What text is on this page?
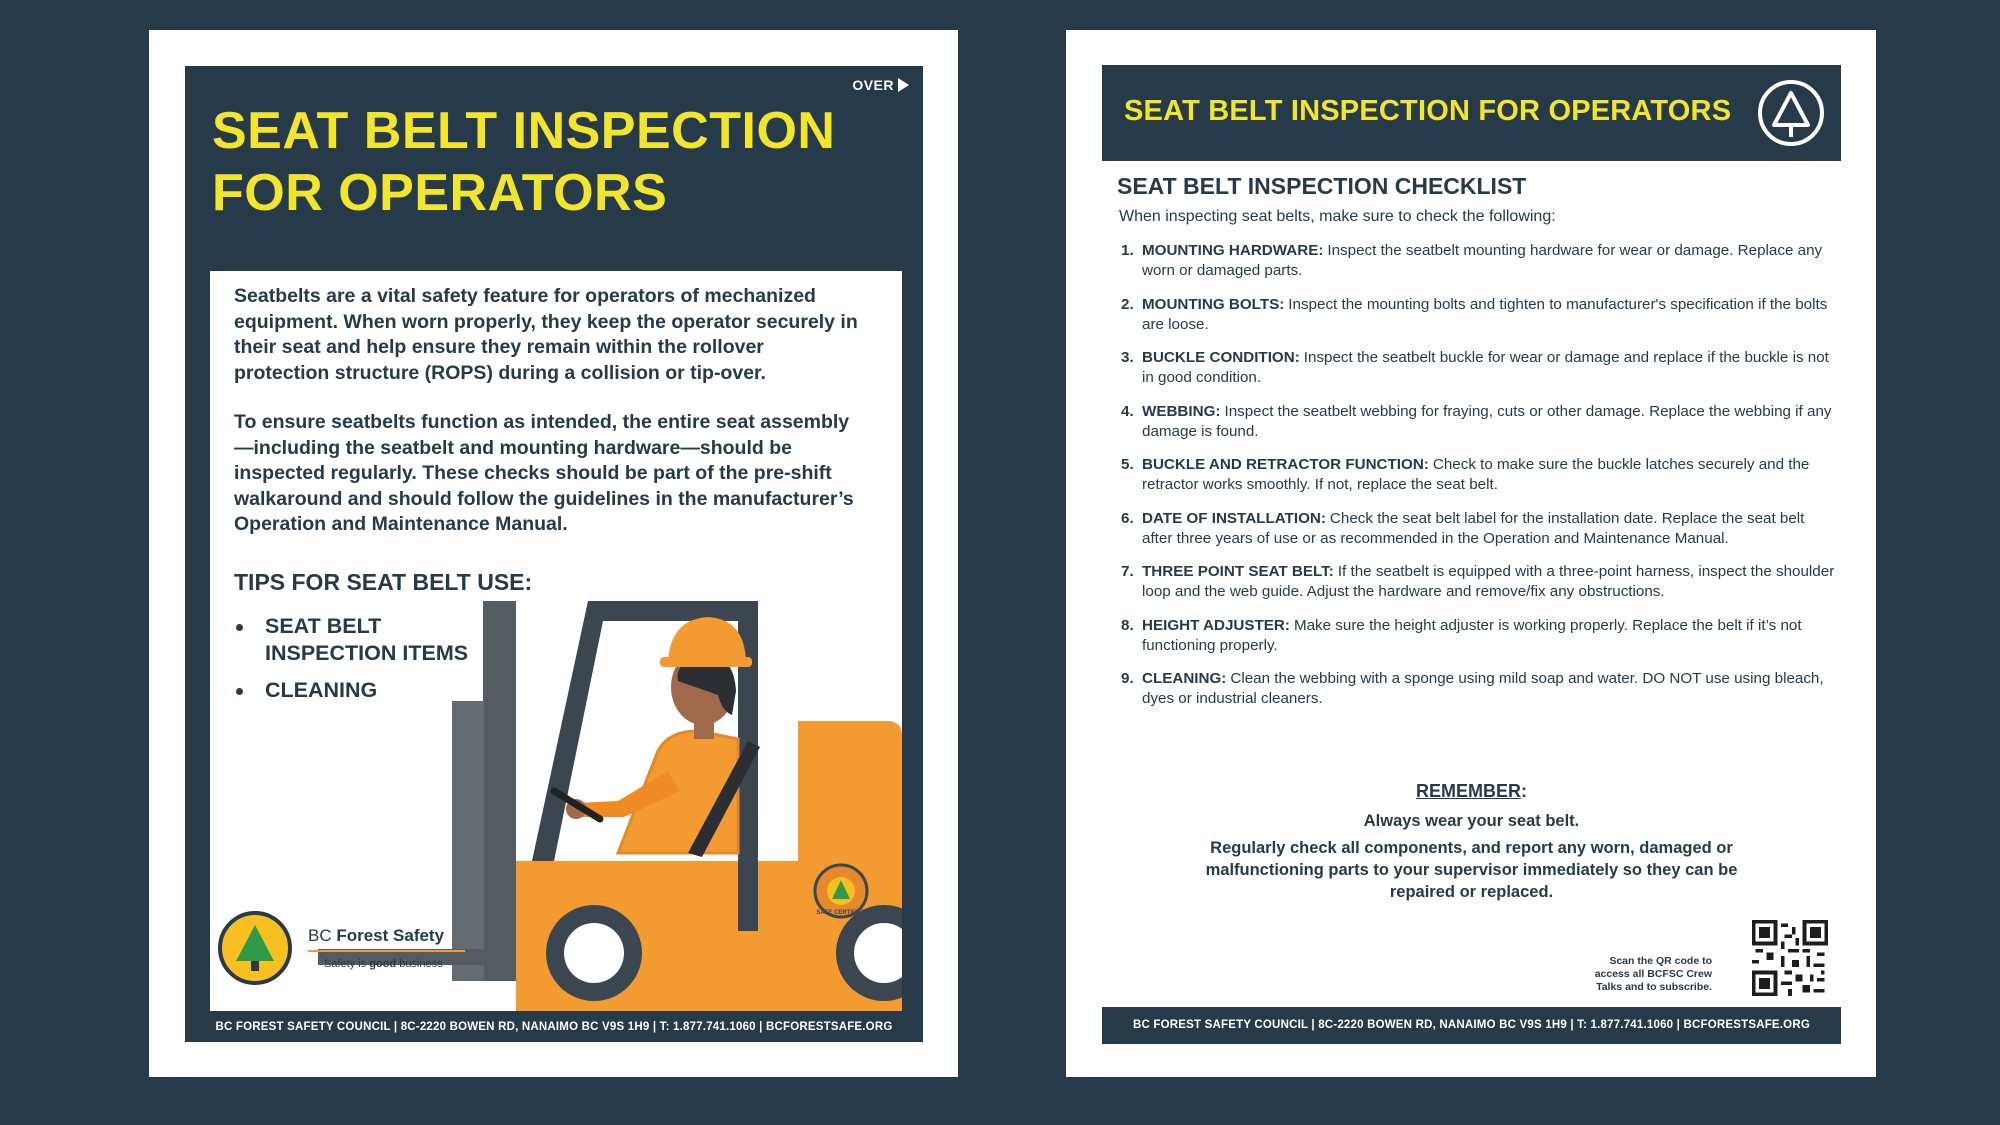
OVER
SEAT BELT INSPECTION
FOR OPERATORS

Seatbelts are a vital safety feature for operators of mechanized equipment. When worn properly, they keep the operator securely in their seat and help ensure they remain within the rollover protection structure (ROPS) during a collision or tip-over.

To ensure seatbelts function as intended, the entire seat assembly—including the seatbelt and mounting hardware—should be inspected regularly. These checks should be part of the pre-shift walkaround and should follow the guidelines in the manufacturer’s Operation and Maintenance Manual.

TIPS FOR SEAT BELT USE:
SEAT BELT INSPECTION ITEMS
CLEANING
SAFE CERTIFIED
BC Forest Safety
Safety is good business
BC FOREST SAFETY COUNCIL | 8C-2220 BOWEN RD, NANAIMO BC V9S 1H9 | T: 1.877.741.1060 | BCFORESTSAFE.ORG
SEAT BELT INSPECTION FOR OPERATORS
SEAT BELT INSPECTION CHECKLIST

When inspecting seat belts, make sure to check the following:

1. MOUNTING HARDWARE: Inspect the seatbelt mounting hardware for wear or damage. Replace any worn or damaged parts.
2. MOUNTING BOLTS: Inspect the mounting bolts and tighten to manufacturer's specification if the bolts are loose.
3. BUCKLE CONDITION: Inspect the seatbelt buckle for wear or damage and replace if the buckle is not in good condition.
4. WEBBING: Inspect the seatbelt webbing for fraying, cuts or other damage. Replace the webbing if any damage is found.
5. BUCKLE AND RETRACTOR FUNCTION: Check to make sure the buckle latches securely and the retractor works smoothly. If not, replace the seat belt.
6. DATE OF INSTALLATION: Check the seat belt label for the installation date. Replace the seat belt after three years of use or as recommended in the Operation and Maintenance Manual.
7. THREE POINT SEAT BELT: If the seatbelt is equipped with a three-point harness, inspect the shoulder loop and the web guide. Adjust the hardware and remove/fix any obstructions.
8. HEIGHT ADJUSTER: Make sure the height adjuster is working properly. Replace the belt if it’s not functioning properly.
9. CLEANING: Clean the webbing with a sponge using mild soap and water. DO NOT use using bleach, dyes or industrial cleaners.
REMEMBER:
Always wear your seat belt.
Regularly check all components, and report any worn, damaged or malfunctioning parts to your supervisor immediately so they can be repaired or replaced.
Scan the QR code to access all BCFSC Crew Talks and to subscribe.
BC FOREST SAFETY COUNCIL | 8C-2220 BOWEN RD, NANAIMO BC V9S 1H9 | T: 1.877.741.1060 | BCFORESTSAFE.ORG
